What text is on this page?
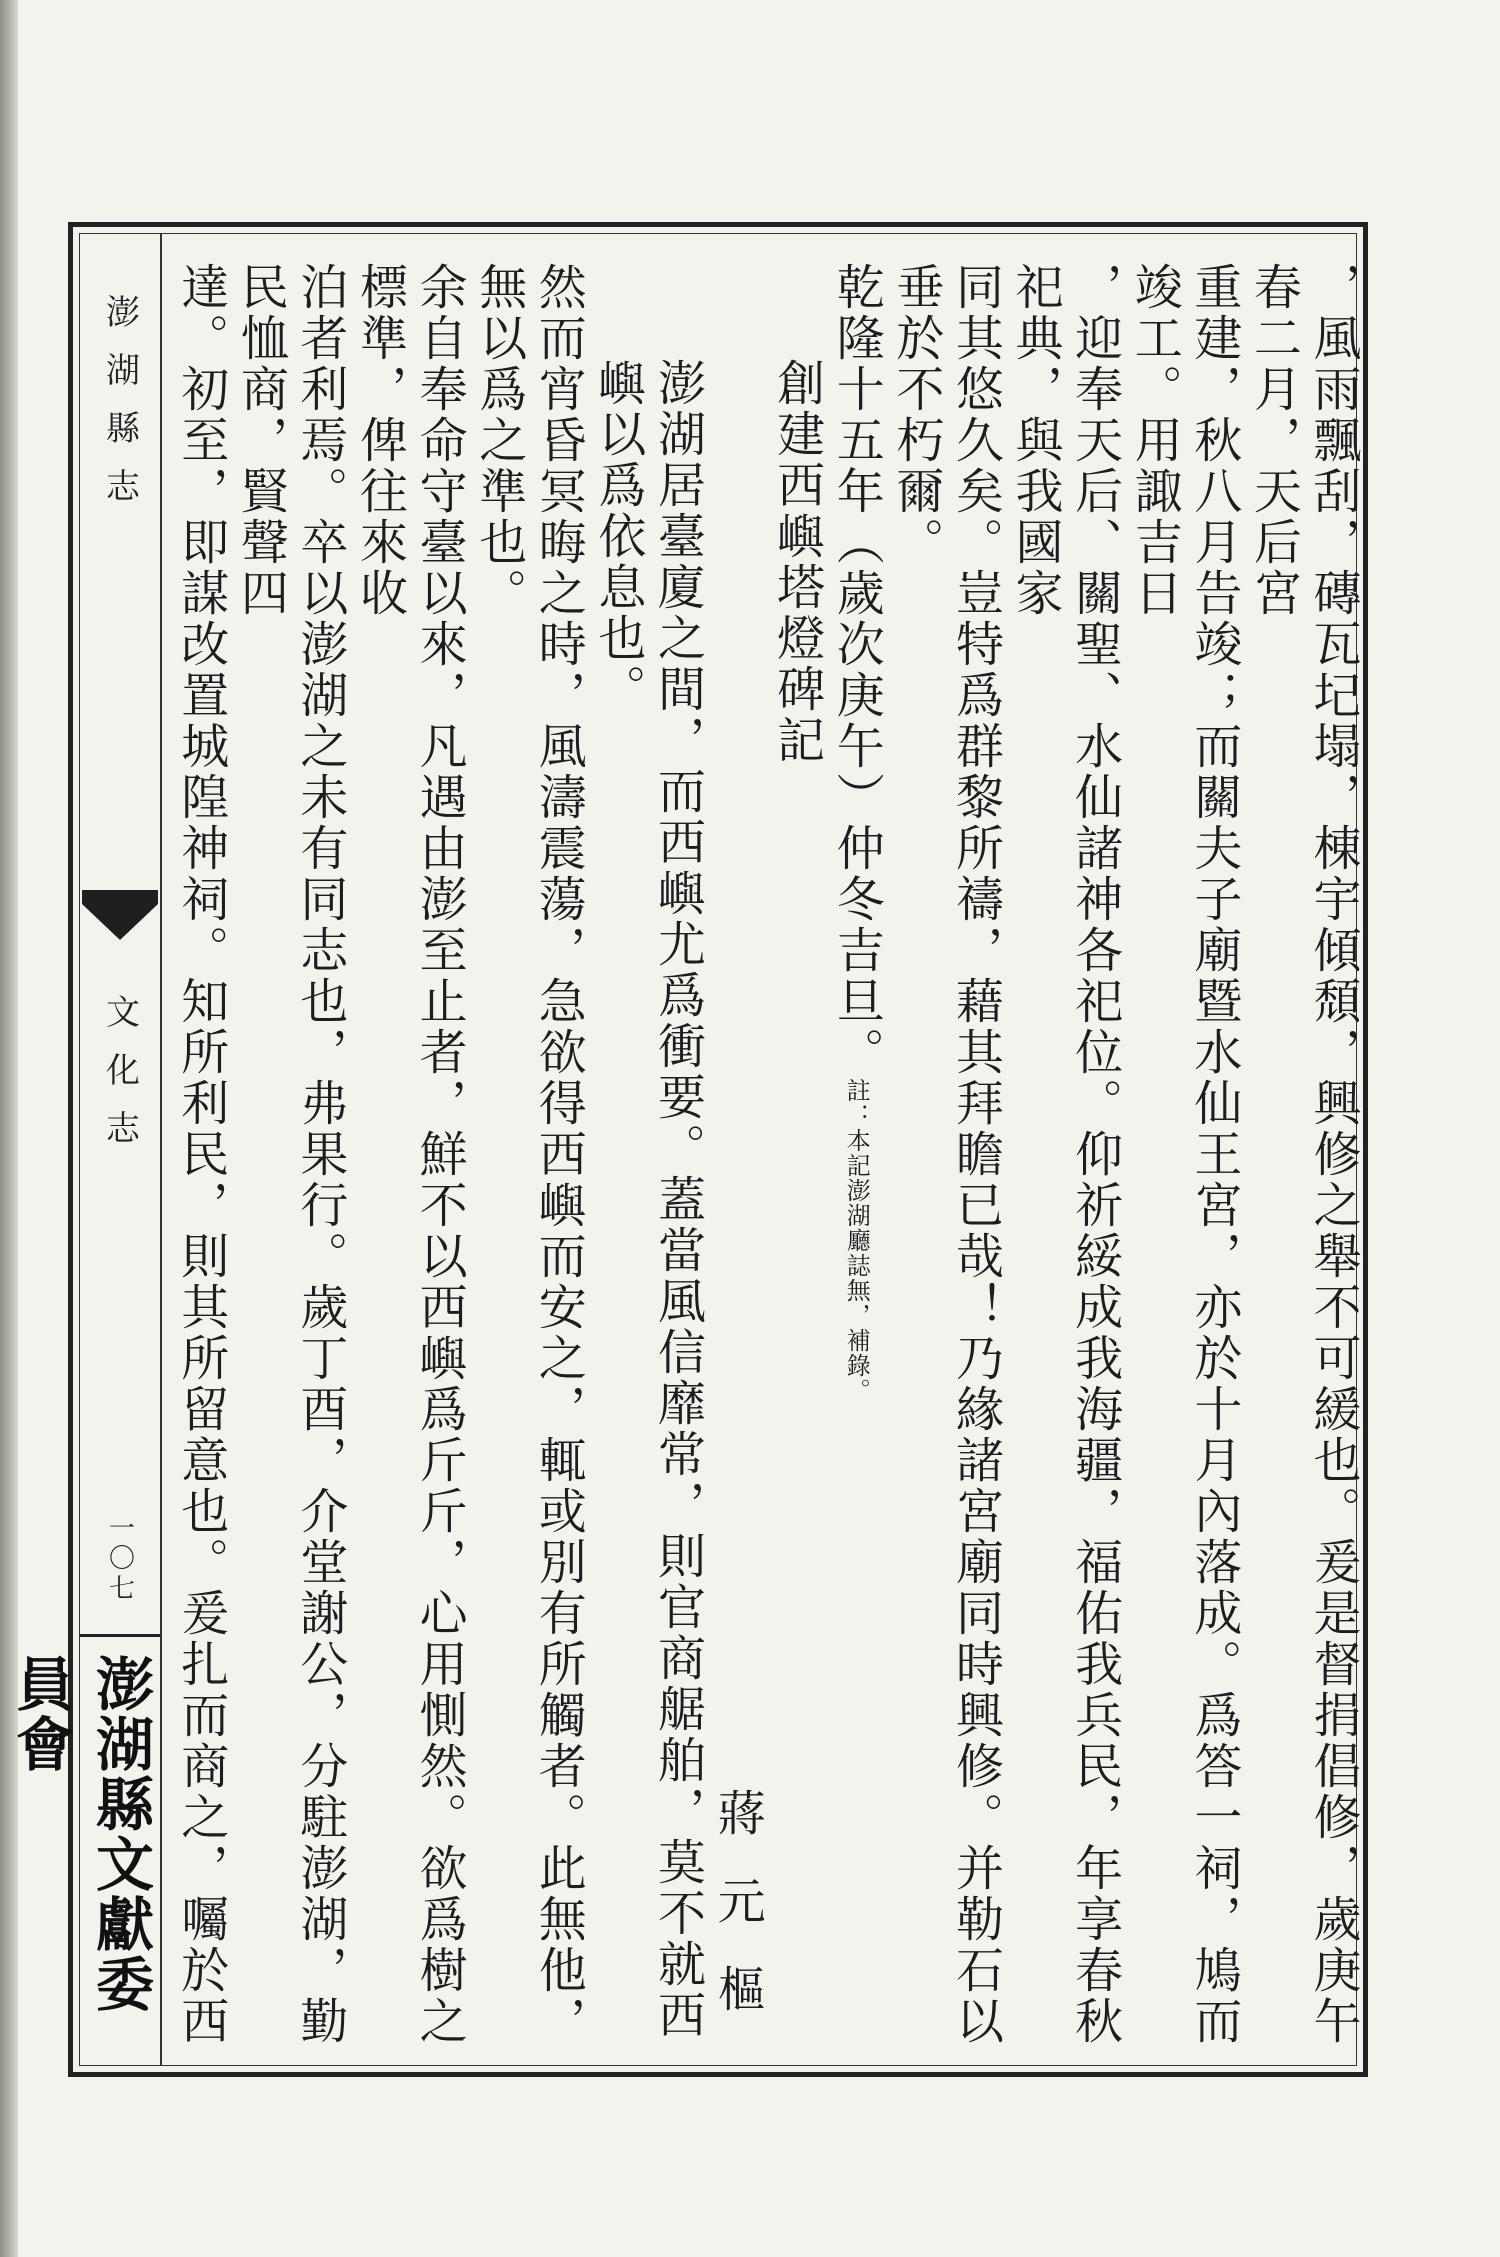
澎湖縣志
文化志
一〇七
澎湖縣文獻委員會	，風雨飄刮，磚瓦圮塌，棟宇傾頹，興修之舉不可緩也。爰是督捐倡修，歲庚午春二月，天后宮
重建，秋八月告竣；而關夫子廟暨水仙王宮，亦於十月內落成。爲答一祠，鳩而竣工。用諏吉日
，迎奉天后、關聖、水仙諸神各祀位。仰祈綏成我海疆，福佑我兵民，年享春秋祀典，與我國家
同其悠久矣。豈特爲群黎所禱，藉其拜瞻已哉！乃緣諸宮廟同時興修。并勒石以垂於不朽爾。
乾隆十五年（歲次庚午）仲冬吉旦。註：本記澎湖廳誌無，補錄。
創建西嶼塔燈碑記
蔣元樞
澎湖居臺廈之間，而西嶼尤爲衝要。蓋當風信靡常，則官商艍舶，莫不就西嶼以爲依息也。
然而宵昏冥晦之時，風濤震蕩，急欲得西嶼而安之，輒或別有所觸者。此無他，無以爲之準也。
余自奉命守臺以來，凡遇由澎至止者，鮮不以西嶼爲斤斤，心用惻然。欲爲樹之標準，俾往來收
泊者利焉。卒以澎湖之未有同志也，弗果行。歲丁酉，介堂謝公，分駐澎湖，勤民恤商，賢聲四
達。初至，即謀改置城隍神祠。知所利民，則其所留意也。爰扎而商之，囑於西
